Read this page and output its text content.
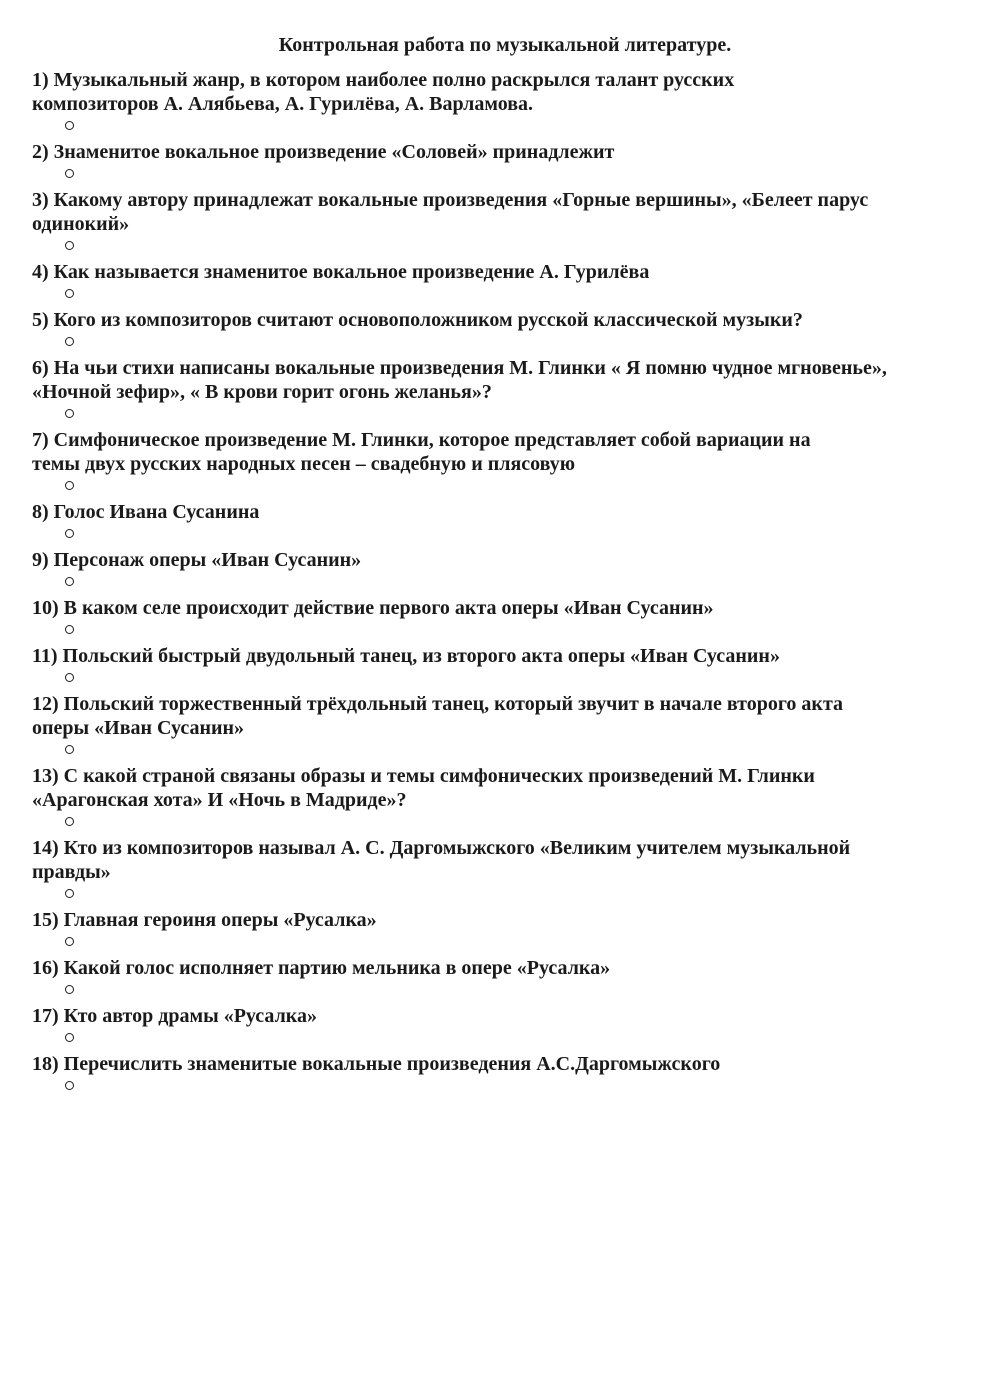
Контрольная работа по музыкальной литературе.
1) Музыкальный жанр, в котором наиболее полно раскрылся талант русских
композиторов А. Алябьева, А. Гурилёва, А. Варламова.
2) Знаменитое вокальное произведение «Соловей» принадлежит
3) Какому автору принадлежат вокальные произведения «Горные вершины», «Белеет парус
одинокий»
4) Как называется знаменитое вокальное произведение А. Гурилёва
5) Кого из композиторов считают основоположником русской классической музыки?
6) На чьи стихи написаны вокальные произведения М. Глинки « Я помню чудное мгновенье»,
«Ночной зефир», « В крови горит огонь желанья»?
7) Симфоническое произведение М. Глинки, которое представляет собой вариации на
темы двух русских народных песен – свадебную и плясовую
8) Голос Ивана Сусанина
9) Персонаж оперы «Иван Сусанин»
10) В каком селе происходит действие первого акта оперы «Иван Сусанин»
11) Польский быстрый двудольный танец, из второго акта оперы «Иван Сусанин»
12) Польский торжественный трёхдольный танец, который звучит в начале второго акта
оперы «Иван Сусанин»
13) С какой страной связаны образы и темы симфонических произведений М. Глинки
«Арагонская хота» И «Ночь в Мадриде»?
14) Кто из композиторов называл А. С. Даргомыжского «Великим учителем музыкальной
правды»
15) Главная героиня оперы «Русалка»
16) Какой голос исполняет партию мельника в опере «Русалка»
17) Кто автор драмы «Русалка»
18) Перечислить знаменитые вокальные произведения А.С.Даргомыжского
